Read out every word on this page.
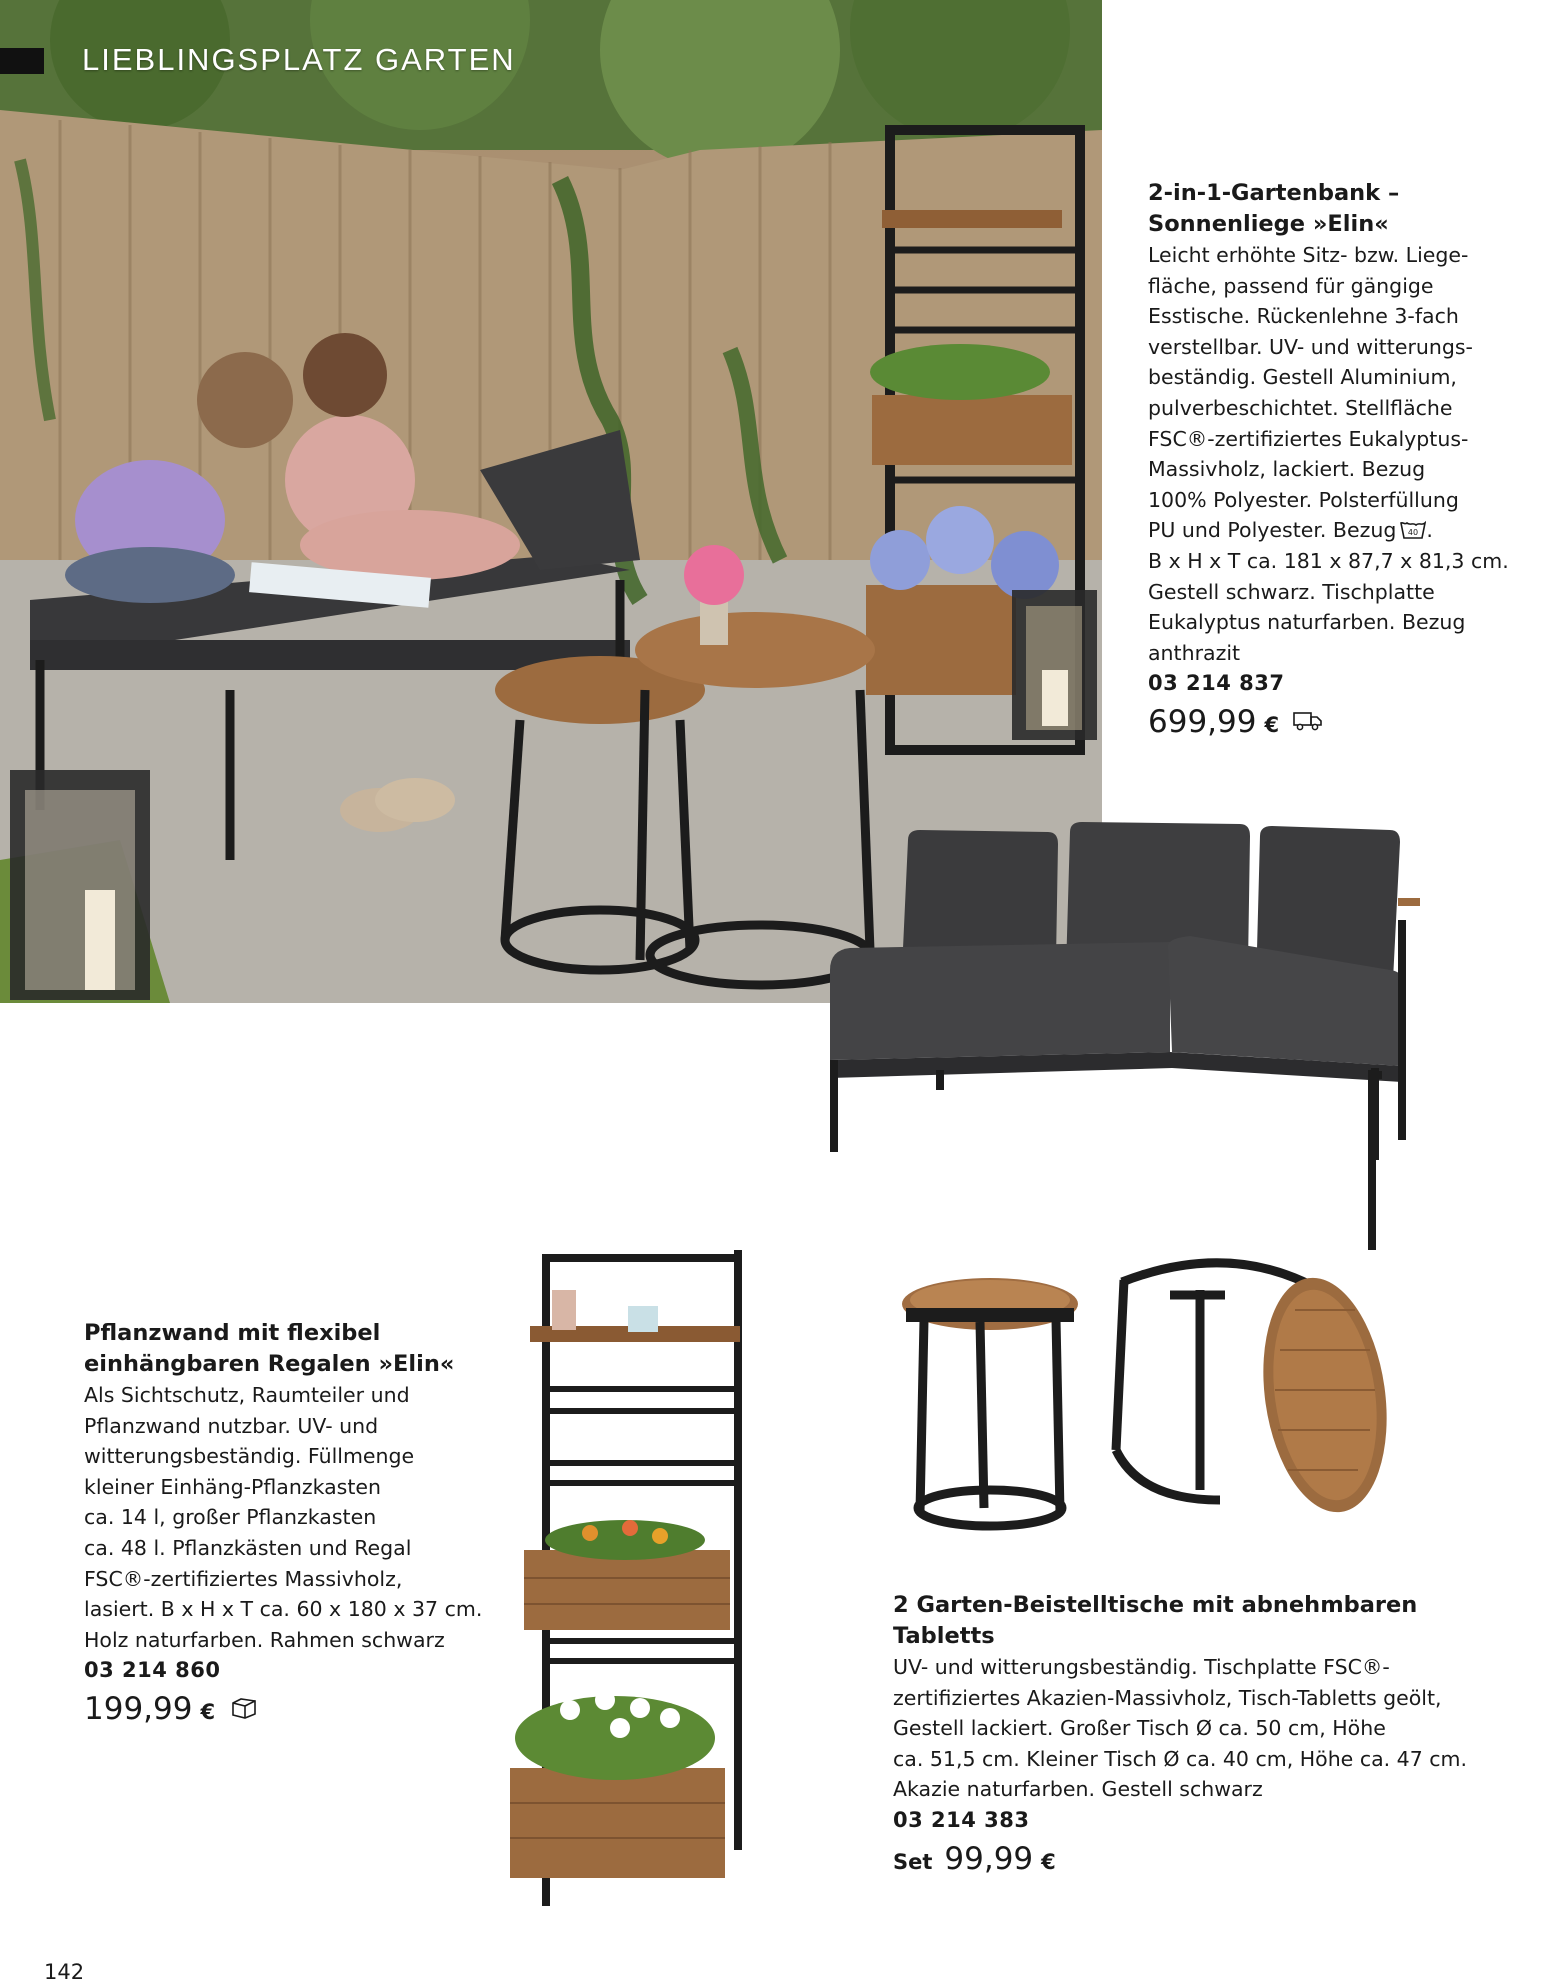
LIEBLINGSPLATZ GARTEN
2-in-1-Gartenbank –
Sonnenliege »Elin«
Leicht erhöhte Sitz- bzw. Liege-
fläche, passend für gängige
Esstische. Rückenlehne 3-fach
verstellbar. UV- und witterungs-
beständig. Gestell Aluminium,
pulverbeschichtet. Stellfläche
FSC®-zertifiziertes Eukalyptus-
Massivholz, lackiert. Bezug
100% Polyester. Polsterfüllung
PU und Polyester. Bezug 40 .
B x H x T ca. 181 x 87,7 x 81,3 cm.
Gestell schwarz. Tischplatte
Eukalyptus naturfarben. Bezug
anthrazit
03 214 837
699,99 €
Pflanzwand mit flexibel
einhängbaren Regalen »Elin«
Als Sichtschutz, Raumteiler und
Pflanzwand nutzbar. UV- und
witterungsbeständig. Füllmenge
kleiner Einhäng-Pflanzkasten
ca. 14 l, großer Pflanzkasten
ca. 48 l. Pflanzkästen und Regal
FSC®-zertifiziertes Massivholz,
lasiert. B x H x T ca. 60 x 180 x 37 cm.
Holz naturfarben. Rahmen schwarz
03 214 860
199,99 €
2 Garten-Beistelltische mit abnehmbaren
Tabletts
UV- und witterungsbeständig. Tischplatte FSC®-
zertifiziertes Akazien-Massivholz, Tisch-Tabletts geölt,
Gestell lackiert. Großer Tisch Ø ca. 50 cm, Höhe
ca. 51,5 cm. Kleiner Tisch Ø ca. 40 cm, Höhe ca. 47 cm.
Akazie naturfarben. Gestell schwarz
03 214 383
Set 99,99 €
142
